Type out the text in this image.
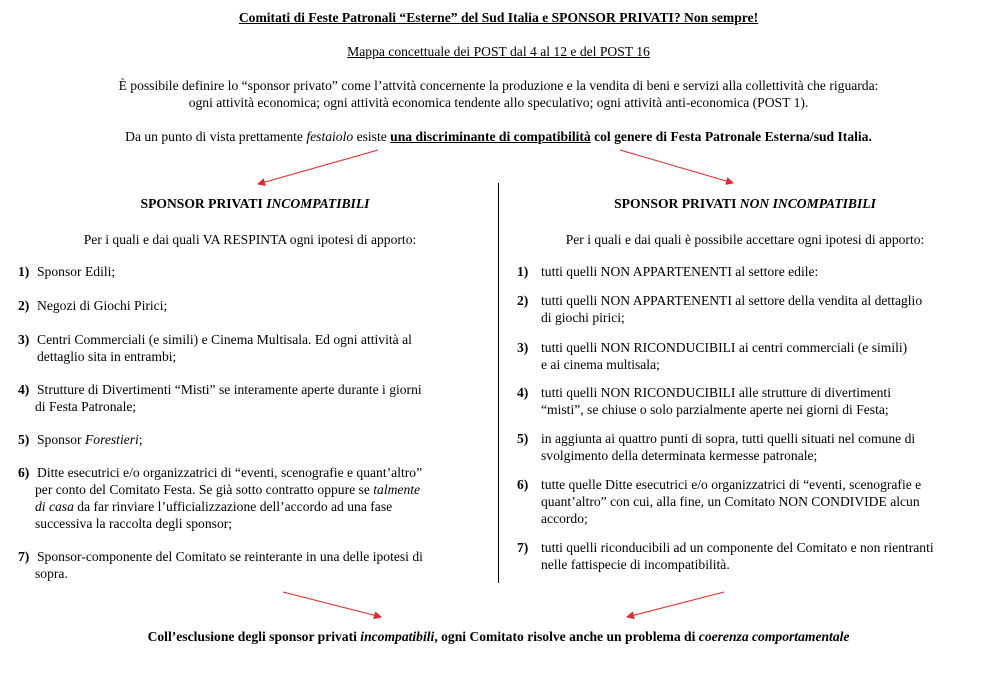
Comitati di Feste Patronali “Esterne” del Sud Italia e SPONSOR PRIVATI? Non sempre!
Mappa concettuale dei POST dal 4 al 12 e del POST 16
È possibile definire lo “sponsor privato” come l’attvità concernente la produzione e la vendita di beni e servizi alla collettività che riguarda:
ogni attività economica; ogni attività economica tendente allo speculativo; ogni attività anti-economica (POST 1).
Da un punto di vista prettamente festaiolo esiste una discriminante di compatibilità col genere di Festa Patronale Esterna/sud Italia.
SPONSOR PRIVATI INCOMPATIBILI
Per i quali e dai quali VA RESPINTA ogni ipotesi di apporto:
1) Sponsor Edili;
2) Negozi di Giochi Pirici;
3) Centri Commerciali (e simili) e Cinema Multisala. Ed ogni attività al
dettaglio sita in entrambi;
4) Strutture di Divertimenti “Misti” se interamente aperte durante i giorni
di Festa Patronale;
5) Sponsor Forestieri;
6) Ditte esecutrici e/o organizzatrici di “eventi, scenografie e quant’altro”
per conto del Comitato Festa. Se già sotto contratto oppure se talmente
di casa da far rinviare l’ufficializzazione dell’accordo ad una fase
successiva la raccolta degli sponsor;
7) Sponsor-componente del Comitato se reinterante in una delle ipotesi di
sopra.
SPONSOR PRIVATI NON INCOMPATIBILI
Per i quali e dai quali è possibile accettare ogni ipotesi di apporto:
1) tutti quelli NON APPARTENENTI al settore edile:
2) tutti quelli NON APPARTENENTI al settore della vendita al dettaglio
di giochi pirici;
3) tutti quelli NON RICONDUCIBILI ai centri commerciali (e simili)
e ai cinema multisala;
4) tutti quelli NON RICONDUCIBILI alle strutture di divertimenti
“misti”, se chiuse o solo parzialmente aperte nei giorni di Festa;
5) in aggiunta ai quattro punti di sopra, tutti quelli situati nel comune di
svolgimento della determinata kermesse patronale;
6) tutte quelle Ditte esecutrici e/o organizzatrici di “eventi, scenografie e
quant’altro” con cui, alla fine, un Comitato NON CONDIVIDE alcun
accordo;
7) tutti quelli riconducibili ad un componente del Comitato e non rientranti
nelle fattispecie di incompatibilità.
Coll’esclusione degli sponsor privati incompatibili, ogni Comitato risolve anche un problema di coerenza comportamentale
